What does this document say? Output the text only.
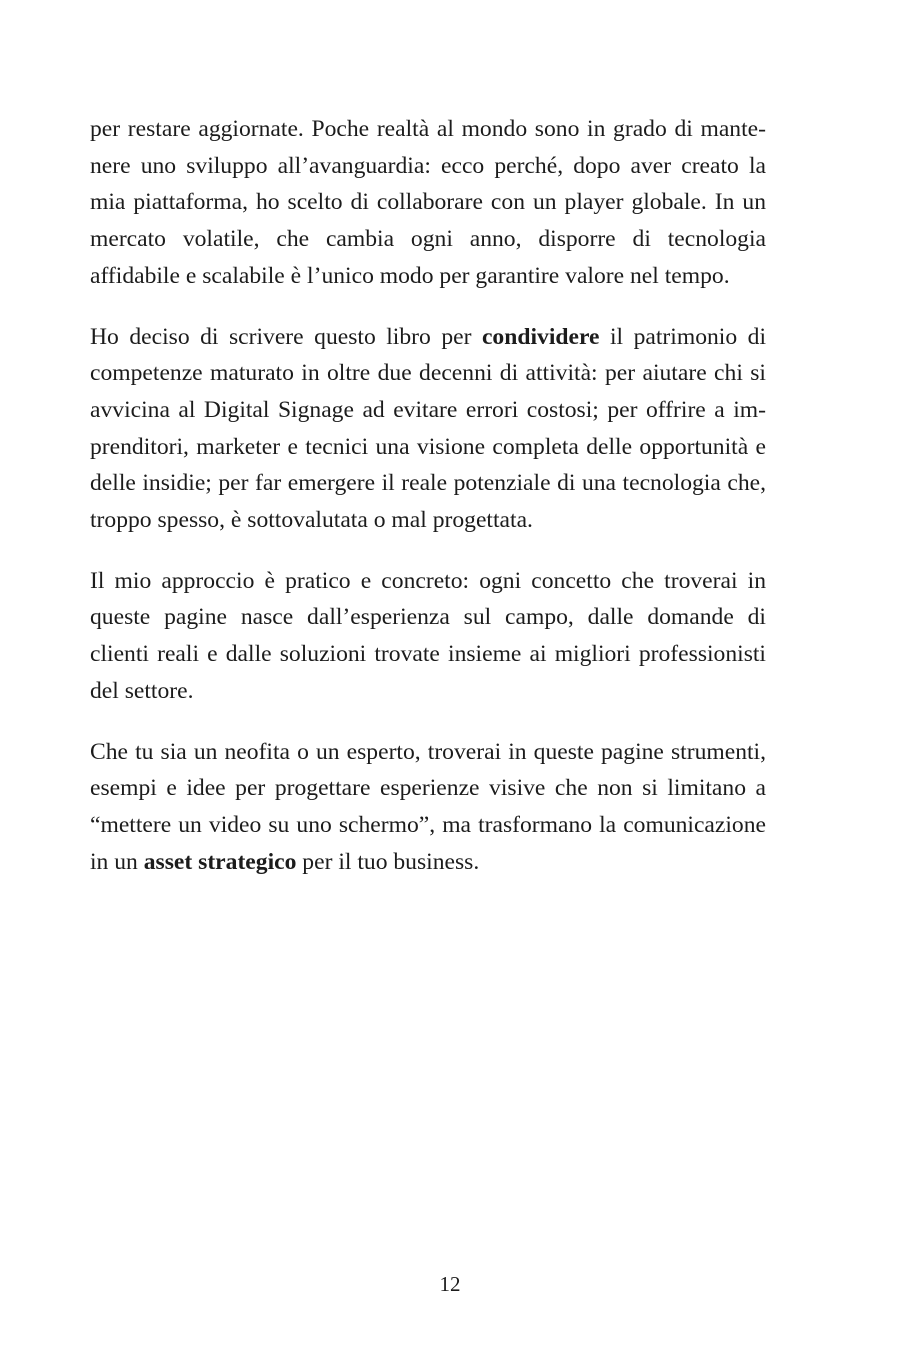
per restare aggiornate. Poche realtà al mondo sono in grado di mantenere uno sviluppo all’avanguardia: ecco perché, dopo aver creato la mia piattaforma, ho scelto di collaborare con un player globale. In un mercato volatile, che cambia ogni anno, disporre di tecnologia affidabile e scalabile è l’unico modo per garantire valore nel tempo.

Ho deciso di scrivere questo libro per condividere il patrimonio di competenze maturato in oltre due decenni di attività: per aiutare chi si avvicina al Digital Signage ad evitare errori costosi; per offrire a imprenditori, marketer e tecnici una visione completa delle opportunità e delle insidie; per far emergere il reale potenziale di una tecnologia che, troppo spesso, è sottovalutata o mal progettata.

Il mio approccio è pratico e concreto: ogni concetto che troverai in queste pagine nasce dall’esperienza sul campo, dalle domande di clienti reali e dalle soluzioni trovate insieme ai migliori professionisti del settore.

Che tu sia un neofita o un esperto, troverai in queste pagine strumenti, esempi e idee per progettare esperienze visive che non si limitano a “mettere un video su uno schermo”, ma trasformano la comunicazione in un asset strategico per il tuo business.

12
